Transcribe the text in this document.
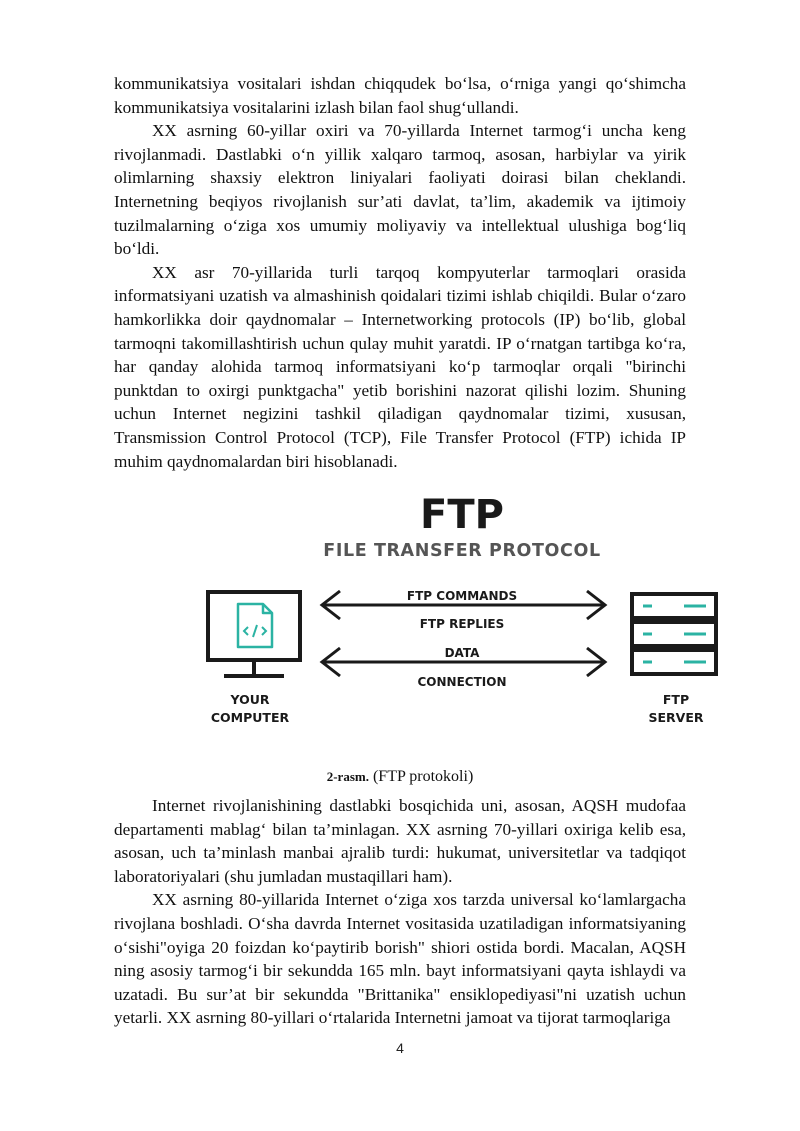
kommunikatsiya vositalari ishdan chiqqudek bo‘lsa, o‘rniga yangi qo‘shimcha kommunikatsiya vositalarini izlash bilan faol shug‘ullandi.

XX asrning 60-yillar oxiri va 70-yillarda Internet tarmog‘i uncha keng rivojlanmadi. Dastlabki o‘n yillik xalqaro tarmoq, asosan, harbiylar va yirik olimlarning shaxsiy elektron liniyalari faoliyati doirasi bilan cheklandi. Internetning beqiyos rivojlanish sur’ati davlat, ta’lim, akademik va ijtimoiy tuzilmalarning o‘ziga xos umumiy moliyaviy va intellektual ulushiga bog‘liq bo‘ldi.

XX asr 70-yillarida turli tarqoq kompyuterlar tarmoqlari orasida informatsiyani uzatish va almashinish qoidalari tizimi ishlab chiqildi. Bular o‘zaro hamkorlikka doir qaydnomalar – Internetworking protocols (IP) bo‘lib, global tarmoqni takomillashtirish uchun qulay muhit yaratdi. IP o‘rnatgan tartibga ko‘ra, har qanday alohida tarmoq informatsiyani ko‘p tarmoqlar orqali "birinchi punktdan to oxirgi punktgacha" yetib borishini nazorat qilishi lozim. Shuning uchun Internet negizini tashkil qiladigan qaydnomalar tizimi, xususan, Transmission Control Protocol (TCP), File Transfer Protocol (FTP) ichida IP muhim qaydnomalardan biri hisoblanadi.

FTP
FILE TRANSFER PROTOCOL
YOUR
COMPUTER
FTP COMMANDS
FTP REPLIES
DATA
CONNECTION
FTP
SERVER
2-rasm. (FTP protokoli)

Internet rivojlanishining dastlabki bosqichida uni, asosan, AQSH mudofaa departamenti mablag‘ bilan ta’minlagan. XX asrning 70-yillari oxiriga kelib esa, asosan, uch ta’minlash manbai ajralib turdi: hukumat, universitetlar va tadqiqot laboratoriyalari (shu jumladan mustaqillari ham).

XX asrning 80-yillarida Internet o‘ziga xos tarzda universal ko‘lamlargacha rivojlana boshladi. O‘sha davrda Internet vositasida uzatiladigan informatsiyaning o‘sishi"oyiga 20 foizdan ko‘paytirib borish" shiori ostida bordi. Macalan, AQSH ning asosiy tarmog‘i bir sekundda 165 mln. bayt informatsiyani qayta ishlaydi va uzatadi. Bu sur’at bir sekundda "Brittanika" ensiklopediyasi"ni uzatish uchun yetarli. XX asrning 80-yillari o‘rtalarida Internetni jamoat va tijorat tarmoqlariga

4
